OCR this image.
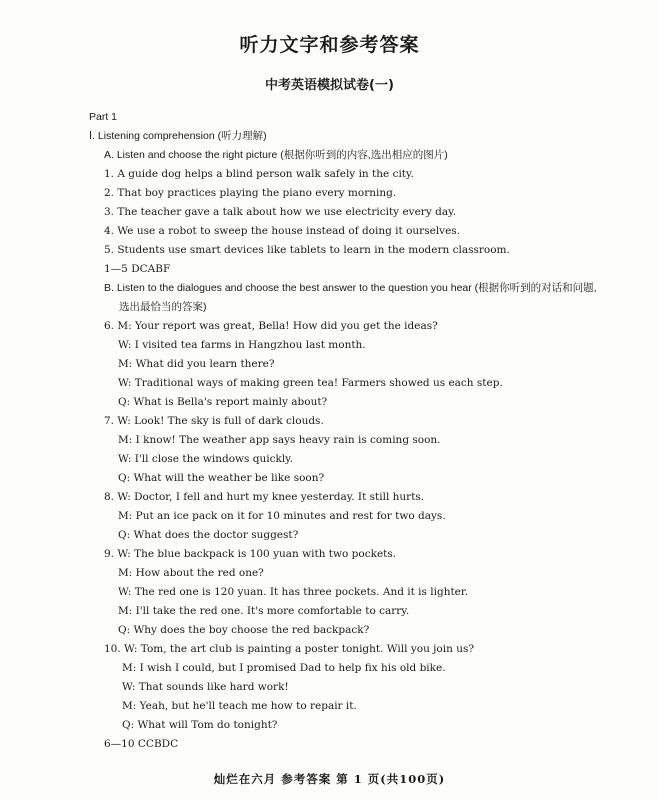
听力文字和参考答案
中考英语模拟试卷(一)
Part 1
Ⅰ. Listening comprehension (听力理解)
A. Listen and choose the right picture (根据你听到的内容,选出相应的图片)
1. A guide dog helps a blind person walk safely in the city.
2. That boy practices playing the piano every morning.
3. The teacher gave a talk about how we use electricity every day.
4. We use a robot to sweep the house instead of doing it ourselves.
5. Students use smart devices like tablets to learn in the modern classroom.
1—5 DCABF
B. Listen to the dialogues and choose the best answer to the question you hear (根据你听到的对话和问题,
选出最恰当的答案)
6. M: Your report was great, Bella! How did you get the ideas?
W: I visited tea farms in Hangzhou last month.
M: What did you learn there?
W: Traditional ways of making green tea! Farmers showed us each step.
Q: What is Bella's report mainly about?
7. W: Look! The sky is full of dark clouds.
M: I know! The weather app says heavy rain is coming soon.
W: I'll close the windows quickly.
Q: What will the weather be like soon?
8. W: Doctor, I fell and hurt my knee yesterday. It still hurts.
M: Put an ice pack on it for 10 minutes and rest for two days.
Q: What does the doctor suggest?
9. W: The blue backpack is 100 yuan with two pockets.
M: How about the red one?
W: The red one is 120 yuan. It has three pockets. And it is lighter.
M: I'll take the red one. It's more comfortable to carry.
Q: Why does the boy choose the red backpack?
10. W: Tom, the art club is painting a poster tonight. Will you join us?
M: I wish I could, but I promised Dad to help fix his old bike.
W: That sounds like hard work!
M: Yeah, but he'll teach me how to repair it.
Q: What will Tom do tonight?
6—10 CCBDC
灿烂在六月 参考答案 第 1 页(共100页)
